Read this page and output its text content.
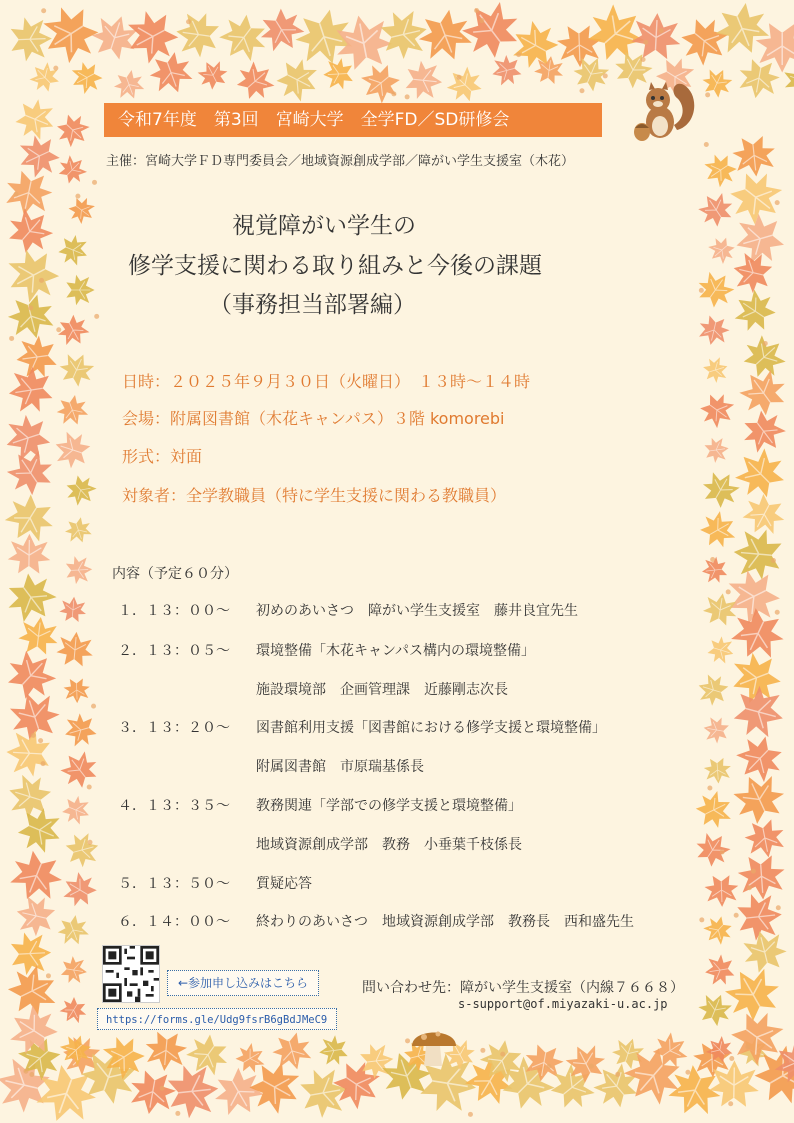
令和7年度　第3回　宮崎大学　全学FD／SD研修会
主催：宮崎大学ＦＤ専門委員会／地域資源創成学部／障がい学生支援室（木花）
視覚障がい学生の
修学支援に関わる取り組みと今後の課題
（事務担当部署編）
日時：２０２５年９月３０日（火曜日）　１３時～１４時
会場：附属図書館（木花キャンパス）３階 komorebi
形式：対面
対象者：全学教職員（特に学生支援に関わる教職員）
内容（予定６０分）
１．１３：００～	初めのあいさつ　障がい学生支援室　藤井良宜先生
２．１３：０５～	環境整備「木花キャンパス構内の環境整備」
施設環境部　企画管理課　近藤剛志次長
３．１３：２０～	図書館利用支援「図書館における修学支援と環境整備」
附属図書館　市原瑞基係長
４．１３：３５～	教務関連「学部での修学支援と環境整備」
地域資源創成学部　教務　小垂葉千枝係長
５．１３：５０～	質疑応答
６．１４：００～	終わりのあいさつ　地域資源創成学部　教務長　西和盛先生
←参加申し込みはこちら
https://forms.gle/Udg9fsrB6gBdJMeC9
問い合わせ先：障がい学生支援室（内線７６６８）
s-support@of.miyazaki-u.ac.jp
